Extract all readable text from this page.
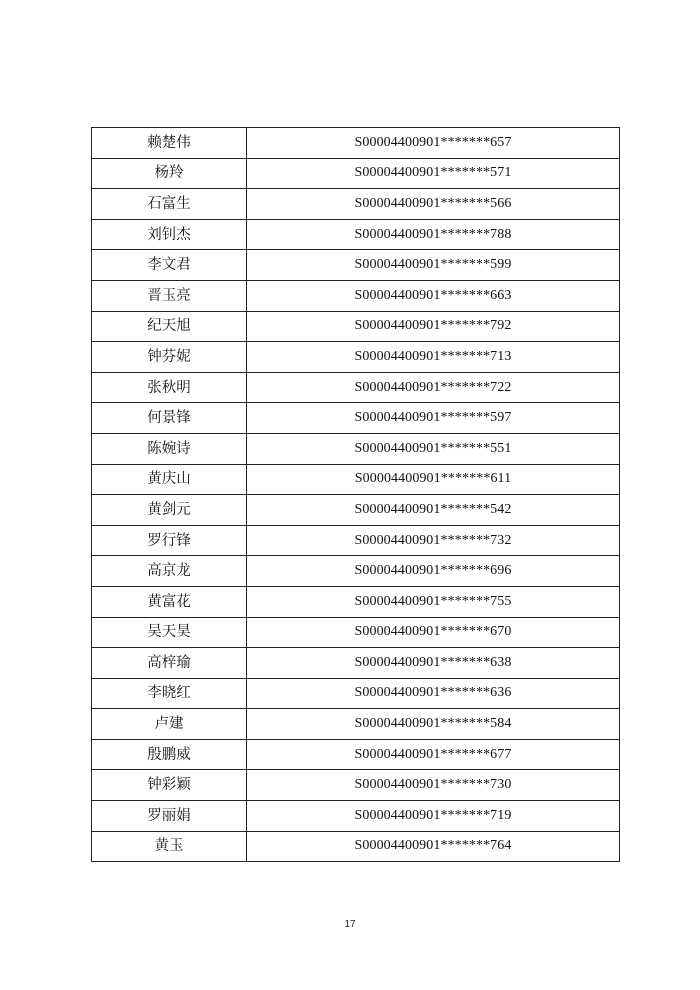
赖楚伟	S00004400901*******657
杨羚	S00004400901*******571
石富生	S00004400901*******566
刘钊杰	S00004400901*******788
李文君	S00004400901*******599
晋玉亮	S00004400901*******663
纪天旭	S00004400901*******792
钟芬妮	S00004400901*******713
张秋明	S00004400901*******722
何景锋	S00004400901*******597
陈婉诗	S00004400901*******551
黄庆山	S00004400901*******611
黄剑元	S00004400901*******542
罗行锋	S00004400901*******732
高京龙	S00004400901*******696
黄富花	S00004400901*******755
吴天昊	S00004400901*******670
高梓瑜	S00004400901*******638
李晓红	S00004400901*******636
卢建	S00004400901*******584
殷鹏威	S00004400901*******677
钟彩颖	S00004400901*******730
罗丽娟	S00004400901*******719
黄玉	S00004400901*******764
17
